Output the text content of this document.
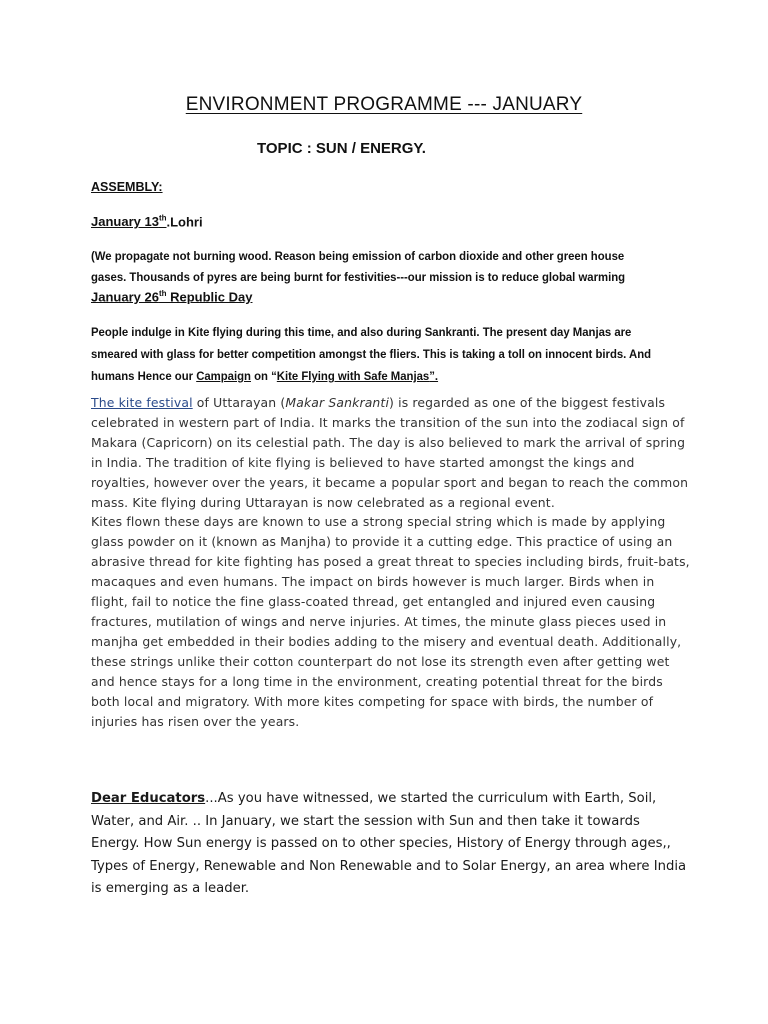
ENVIRONMENT PROGRAMME --- JANUARY
TOPIC : SUN / ENERGY.
ASSEMBLY:
January 13th.Lohri
(We propagate not burning wood. Reason being emission of carbon dioxide and other green house gases. Thousands of pyres are being burnt for festivities---our mission is to reduce global warming
January 26th Republic Day
People indulge in Kite flying during this time, and also during Sankranti. The present day Manjas are smeared with glass for better competition amongst the fliers. This is taking a toll on innocent birds. And humans Hence our Campaign on “Kite Flying with Safe Manjas”.
The kite festival of Uttarayan (Makar Sankranti) is regarded as one of the biggest festivals celebrated in western part of India. It marks the transition of the sun into the zodiacal sign of Makara (Capricorn) on its celestial path. The day is also believed to mark the arrival of spring in India. The tradition of kite flying is believed to have started amongst the kings and royalties, however over the years, it became a popular sport and began to reach the common mass. Kite flying during Uttarayan is now celebrated as a regional event.
Kites flown these days are known to use a strong special string which is made by applying glass powder on it (known as Manjha) to provide it a cutting edge. This practice of using an abrasive thread for kite fighting has posed a great threat to species including birds, fruit-bats, macaques and even humans. The impact on birds however is much larger. Birds when in flight, fail to notice the fine glass-coated thread, get entangled and injured even causing fractures, mutilation of wings and nerve injuries. At times, the minute glass pieces used in manjha get embedded in their bodies adding to the misery and eventual death. Additionally, these strings unlike their cotton counterpart do not lose its strength even after getting wet and hence stays for a long time in the environment, creating potential threat for the birds both local and migratory. With more kites competing for space with birds, the number of injuries has risen over the years.
Dear Educators...As you have witnessed, we started the curriculum with Earth, Soil, Water, and Air. .. In January, we start the session with Sun and then take it towards Energy. How Sun energy is passed on to other species, History of Energy through ages,, Types of Energy, Renewable and Non Renewable and to Solar Energy, an area where India is emerging as a leader.
